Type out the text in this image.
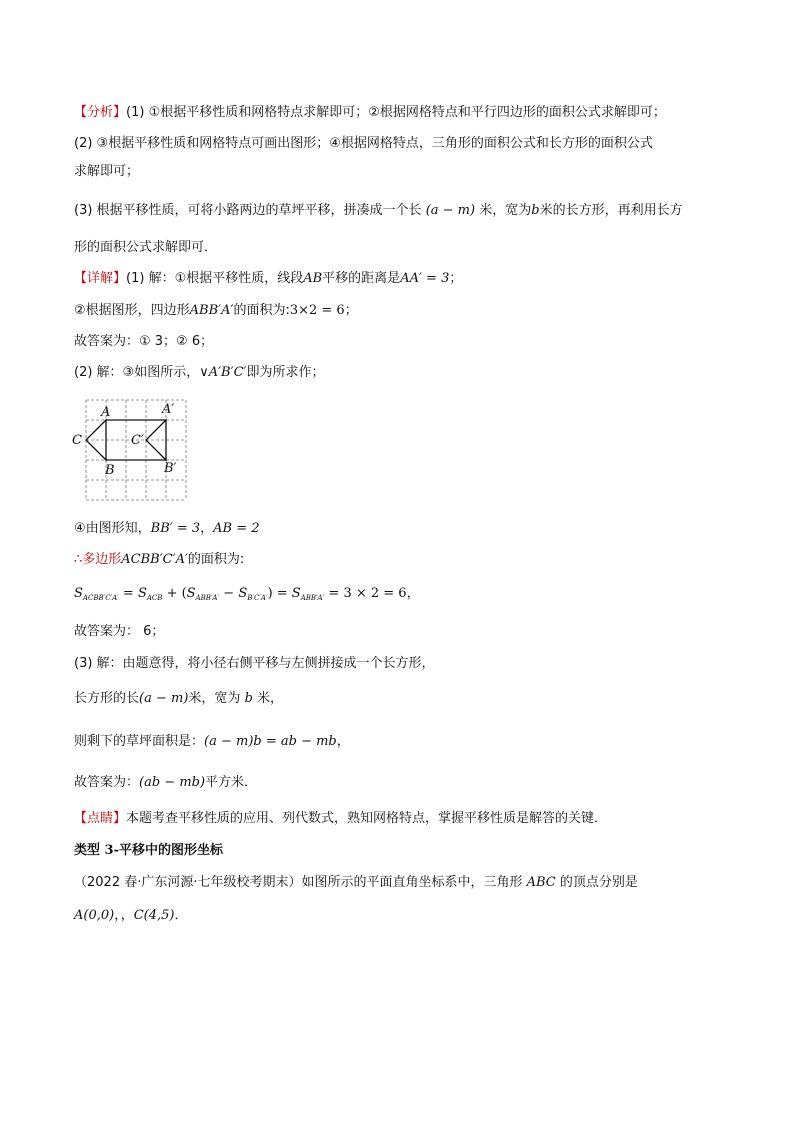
【分析】(1) ①根据平移性质和网格特点求解即可；②根据网格特点和平行四边形的面积公式求解即可；
(2) ③根据平移性质和网格特点可画出图形；④根据网格特点，三角形的面积公式和长方形的面积公式
求解即可；
(3) 根据平移性质，可将小路两边的草坪平移，拼凑成一个长 (a − m) 米，宽为b米的长方形，再利用长方
形的面积公式求解即可．
【详解】(1) 解：①根据平移性质，线段AB平移的距离是AA′ = 3；
②根据图形，四边形ABB′A′的面积为:3×2 = 6；
故答案为：① 3；② 6；
(2) 解：③如图所示，∨A′B′C′即为所求作；
A	A′
C	C′
B	B′
④由图形知，BB′ = 3，AB = 2
∴多边形ACBB′C′A′的面积为:
$S_{ACBB'C'A'} = S_{ACB} + (S_{ABB'A'} - S_{B'C'A'}) = S_{ABB'A'} = 3 \times 2 = 6$，
故答案为： 6；
(3) 解：由题意得，将小径右侧平移与左侧拼接成一个长方形，
长方形的长(a − m)米，宽为 b 米，
则剩下的草坪面积是：(a − m)b = ab − mb，
故答案为：(ab − mb)平方米．
【点睛】本题考查平移性质的应用、列代数式，熟知网格特点，掌握平移性质是解答的关键．
类型 3-平移中的图形坐标
（2022 春·广东河源·七年级校考期末）如图所示的平面直角坐标系中，三角形 ABC 的顶点分别是
A(0,0)，，C(4,5)．
